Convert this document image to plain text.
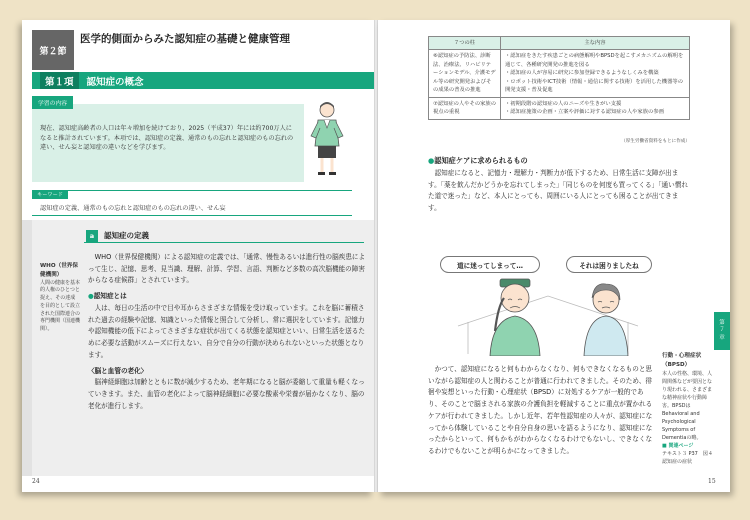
第２節
医学的側面からみた認知症の基礎と健康管理
第１項	認知症の概念
学習の内容
現在、認知症高齢者の人口は年々増加を続けており、2025（平成37）年には約700万人になると推計されています。本項では、認知症の定義、通常のもの忘れと認知症のもの忘れの違い、せん妄と認知症の違いなどを学びます。
キーワード
認知症の定義、通常のもの忘れと認知症のもの忘れの違い、せん妄
WHO（世界保健機関）
人間の健康を基本的人権のひとつと捉え、その達成を目的として設立された国際連合の専門機関（国連機関）。
a	認知症の定義

WHO（世界保健機関）による認知症の定義では、「通常、慢性あるいは進行性の脳疾患によって生じ、記憶、思考、見当識、理解、計算、学習、言語、判断など多数の高次脳機能の障害からなる症候群」とされています。

●認知症とは

人は、毎日の生活の中で目や耳からさまざまな情報を受け取っています。これを脳に蓄積された過去の経験や記憶、知識といった情報と照合して分析し、常に選択をしています。記憶力や認知機能の低下によってさまざまな症状が出てくる状態を認知症といい、日常生活を送るために必要な活動がスムーズに行えない、自分で自分の行動が決められないといった状態となります。

〈脳と血管の老化〉

脳神経細胞は加齢とともに数が減少するため、老年期になると脳が委縮して重量も軽くなっていきます。また、血管の老化によって脳神経細胞に必要な酸素や栄養が届かなくなり、脳の老化が進行します。

24
７つの柱	主な内容
⑥認知症の予防法、診断法、治療法、リハビリテーションモデル、介護モデル等の研究開発およびその成果の普及の推進	・認知症をきたす疾患ごとの病態解明やBPSDを起こすメカニズムの解明を通じて、各種研究開発の推進を図る
・認知症の人が容易に研究に参加登録できるようなしくみを構築
・ロボット技術やICT技術（情報・通信に関する技術）を活用した機器等の開発支援・普及促進
⑦認知症の人やその家族の視点の重視	・初期段階の認知症の人のニーズや生きがい支援
・認知症施策の企画・立案や評価に対する認知症の人や家族の参画
（厚生労働省資料をもとに作成）
●認知症ケアに求められるもの

認知症になると、記憶力・理解力・判断力が低下するため、日常生活に支障が出ます。「薬を飲んだかどうかを忘れてしまった」「同じものを何度も買ってくる」「通い慣れた道で迷った」など、本人にとっても、周囲にいる人にとっても困ることが出てきます。

道に迷ってしまって…	それは困りましたね

かつて、認知症になると何もわからなくなり、何もできなくなるものと思いながら認知症の人と関わることが普通に行われてきました。そのため、徘徊や妄想といった行動・心理症状（BPSD）に対処するケアが一般的であり、そのことで脳まされる家族の介護負担を軽減することに重点が置かれるケアが行われてきました。しかし近年、若年性認知症の人々が、認知症になってから体験していることや自分自身の思いを語るようになり、認知症になったからといって、何もかもがわからなくなるわけでもないし、できなくなるわけでもないことが明らかになってきました。

行動・心理症状（BPSD）
本人の性格、環境、人間関係などが要因となり現われる、さまざまな精神症状や行動障害。BPSDはBehavioral and Psychological Symptoms of Dementiaの略。
■ 関連ページ
テキスト３ P37　図４ 認知症の症状
第
７
章
15
